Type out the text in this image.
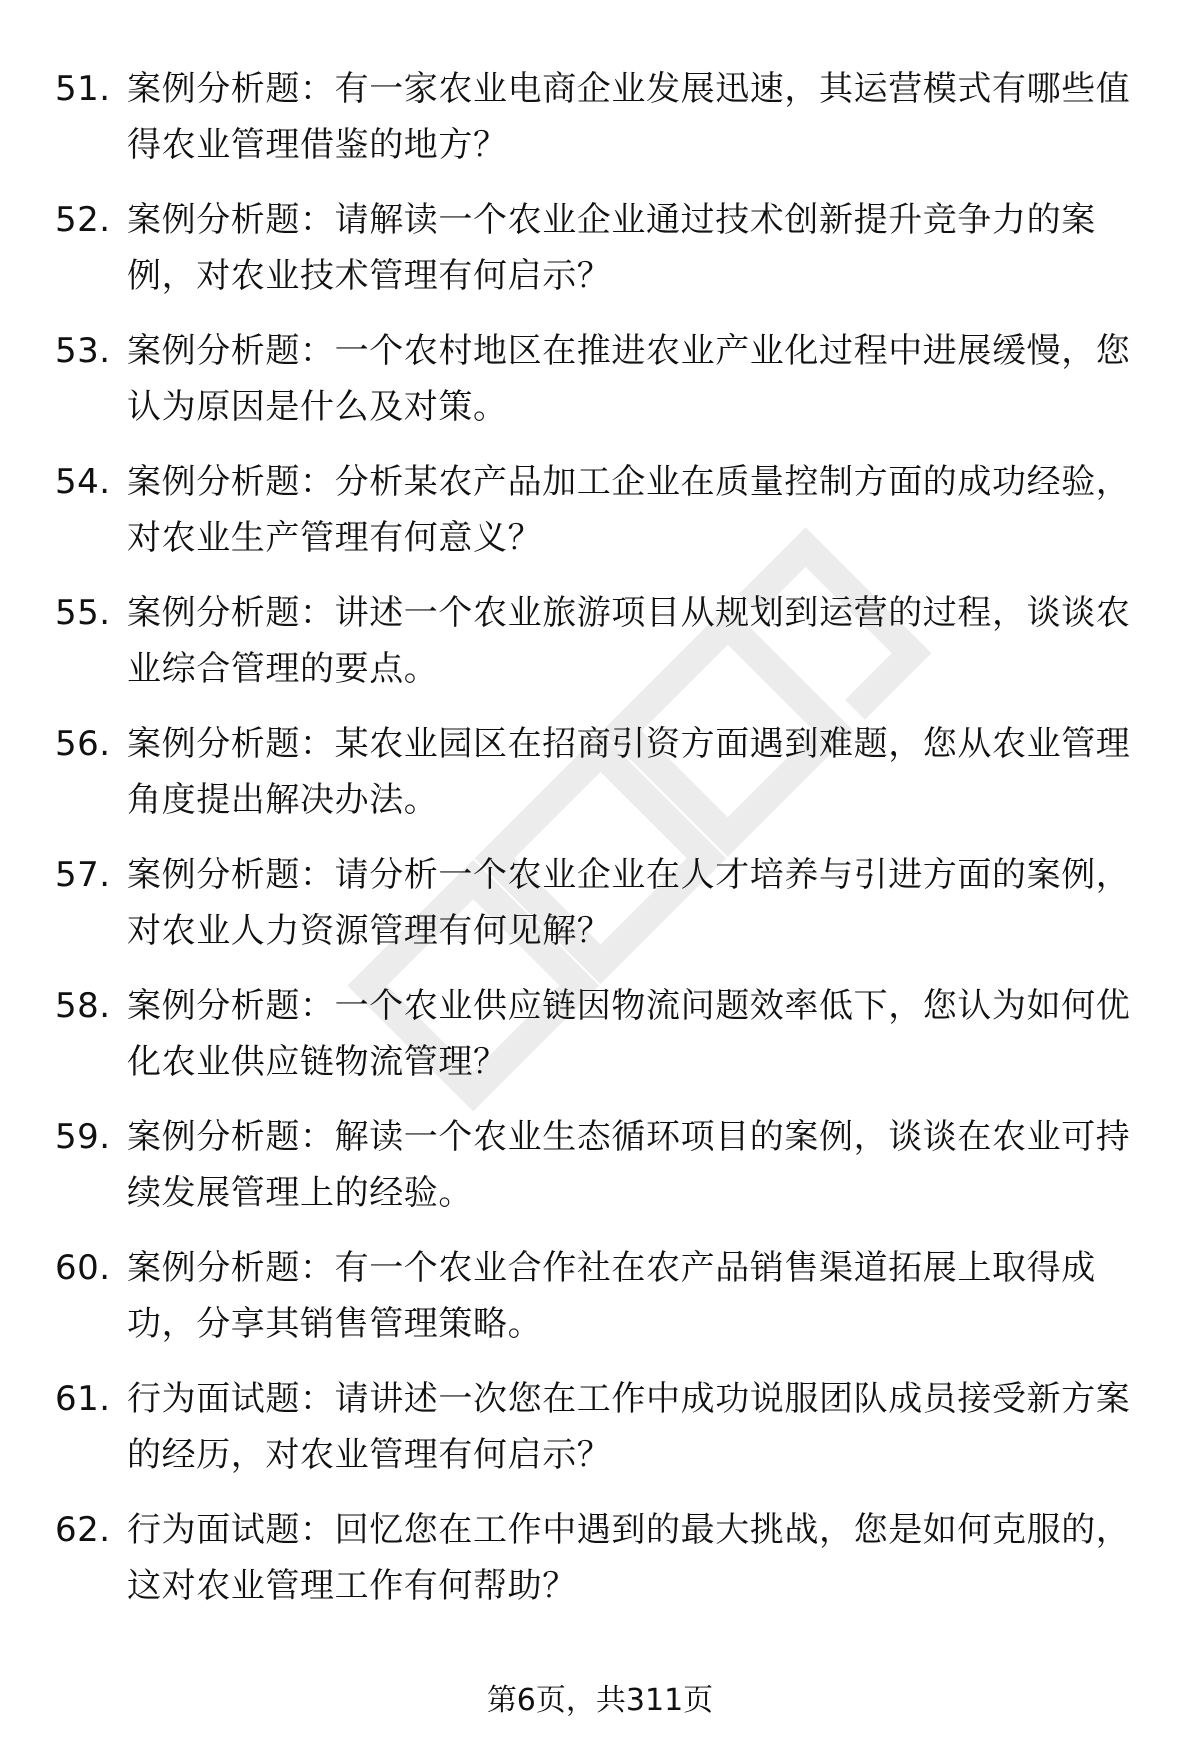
51. 案例分析题：有一家农业电商企业发展迅速，其运营模式有哪些值得农业管理借鉴的地方？
52. 案例分析题：请解读一个农业企业通过技术创新提升竞争力的案例，对农业技术管理有何启示？
53. 案例分析题：一个农村地区在推进农业产业化过程中进展缓慢，您认为原因是什么及对策。
54. 案例分析题：分析某农产品加工企业在质量控制方面的成功经验，对农业生产管理有何意义？
55. 案例分析题：讲述一个农业旅游项目从规划到运营的过程，谈谈农业综合管理的要点。
56. 案例分析题：某农业园区在招商引资方面遇到难题，您从农业管理角度提出解决办法。
57. 案例分析题：请分析一个农业企业在人才培养与引进方面的案例，对农业人力资源管理有何见解？
58. 案例分析题：一个农业供应链因物流问题效率低下，您认为如何优化农业供应链物流管理？
59. 案例分析题：解读一个农业生态循环项目的案例，谈谈在农业可持续发展管理上的经验。
60. 案例分析题：有一个农业合作社在农产品销售渠道拓展上取得成功，分享其销售管理策略。
61. 行为面试题：请讲述一次您在工作中成功说服团队成员接受新方案的经历，对农业管理有何启示？
62. 行为面试题：回忆您在工作中遇到的最大挑战，您是如何克服的，这对农业管理工作有何帮助？
第6页，共311页
